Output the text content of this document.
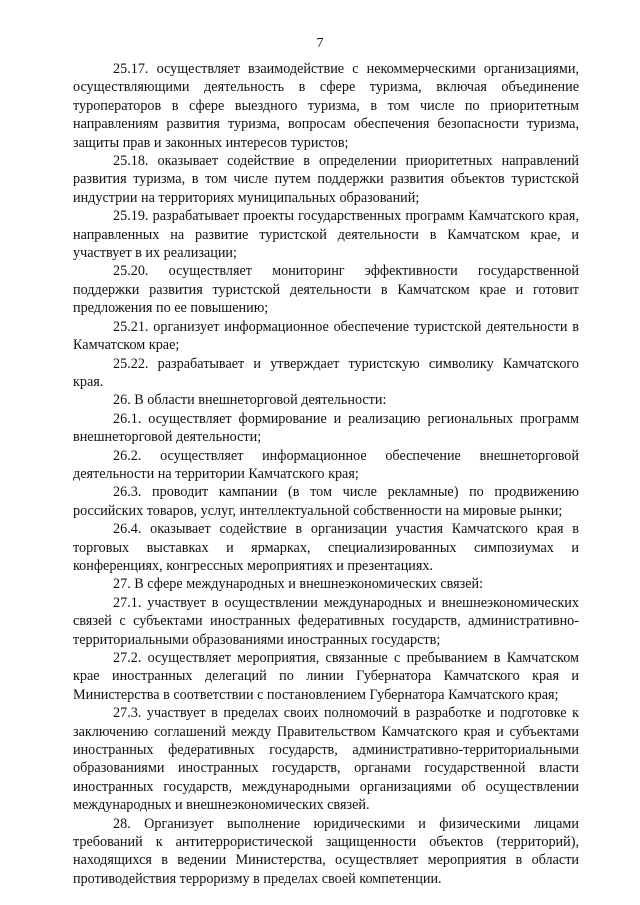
7

25.17. осуществляет взаимодействие с некоммерческими организациями, осуществляющими деятельность в сфере туризма, включая объединение туроператоров в сфере выездного туризма, в том числе по приоритетным направлениям развития туризма, вопросам обеспечения безопасности туризма, защиты прав и законных интересов туристов;

25.18. оказывает содействие в определении приоритетных направлений развития туризма, в том числе путем поддержки развития объектов туристской индустрии на территориях муниципальных образований;

25.19. разрабатывает проекты государственных программ Камчатского края, направленных на развитие туристской деятельности в Камчатском крае, и участвует в их реализации;

25.20. осуществляет мониторинг эффективности государственной поддержки развития туристской деятельности в Камчатском крае и готовит предложения по ее повышению;

25.21. организует информационное обеспечение туристской деятельности в Камчатском крае;

25.22. разрабатывает и утверждает туристскую символику Камчатского края.

26. В области внешнеторговой деятельности:

26.1. осуществляет формирование и реализацию региональных программ внешнеторговой деятельности;

26.2. осуществляет информационное обеспечение внешнеторговой деятельности на территории Камчатского края;

26.3. проводит кампании (в том числе рекламные) по продвижению российских товаров, услуг, интеллектуальной собственности на мировые рынки;

26.4. оказывает содействие в организации участия Камчатского края в торговых выставках и ярмарках, специализированных симпозиумах и конференциях, конгрессных мероприятиях и презентациях.

27. В сфере международных и внешнеэкономических связей:

27.1. участвует в осуществлении международных и внешнеэкономических связей с субъектами иностранных федеративных государств, административно-территориальными образованиями иностранных государств;

27.2. осуществляет мероприятия, связанные с пребыванием в Камчатском крае иностранных делегаций по линии Губернатора Камчатского края и Министерства в соответствии с постановлением Губернатора Камчатского края;

27.3. участвует в пределах своих полномочий в разработке и подготовке к заключению соглашений между Правительством Камчатского края и субъектами иностранных федеративных государств, административно-территориальными образованиями иностранных государств, органами государственной власти иностранных государств, международными организациями об осуществлении международных и внешнеэкономических связей.

28. Организует выполнение юридическими и физическими лицами требований к антитеррористической защищенности объектов (территорий), находящихся в ведении Министерства, осуществляет мероприятия в области противодействия терроризму в пределах своей компетенции.
